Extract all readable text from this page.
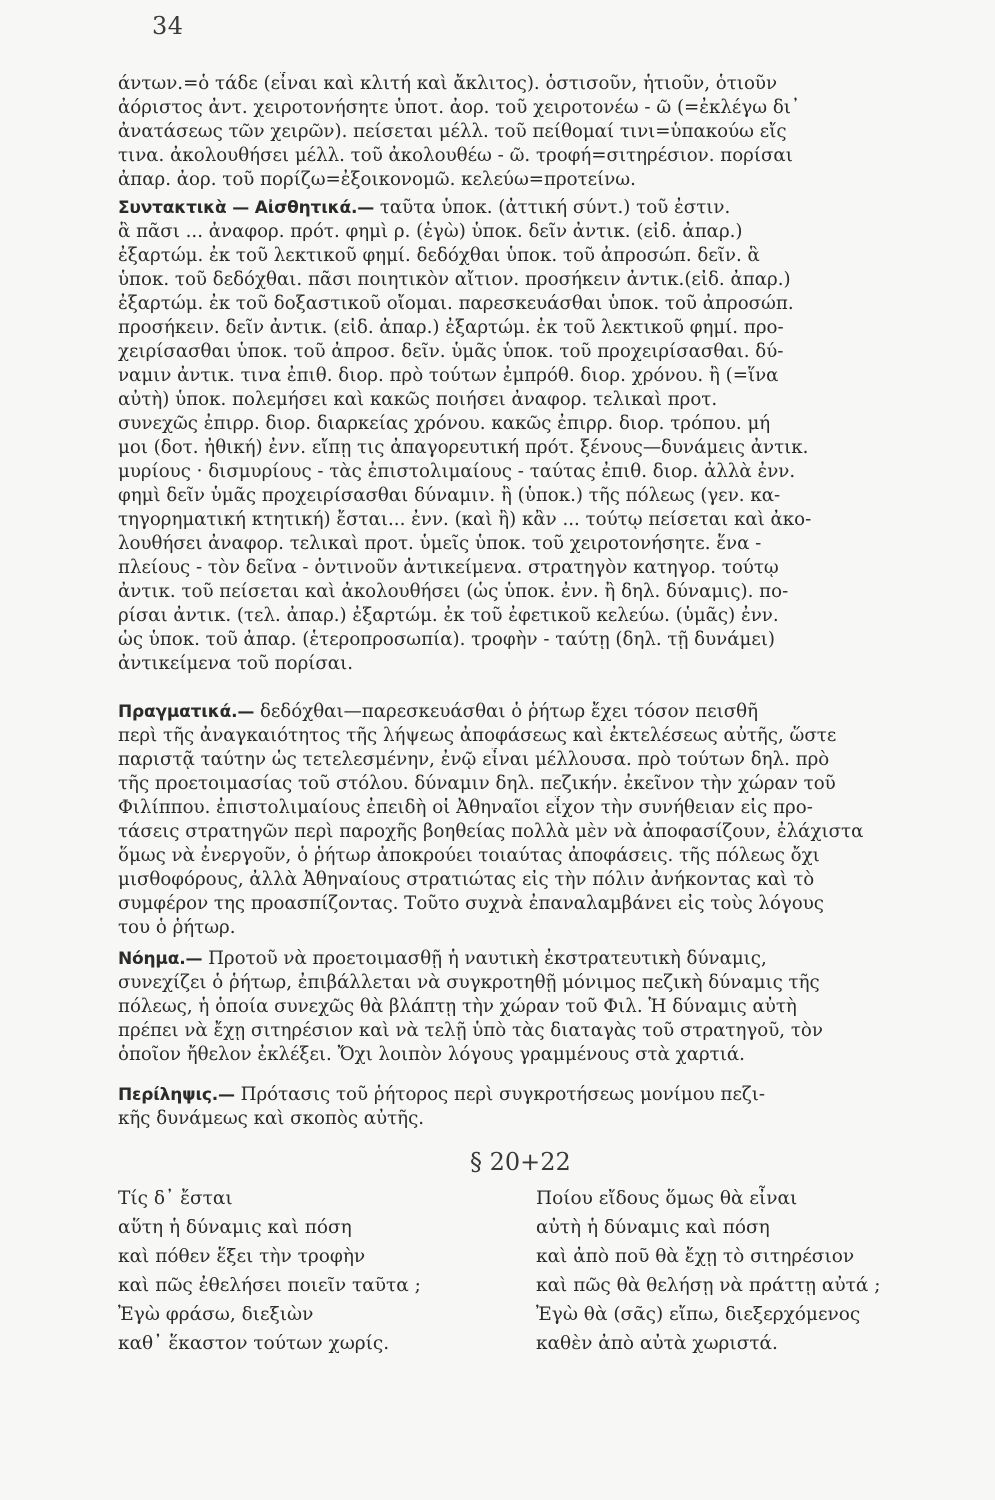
34
άντων.=ὁ τάδε (εἶναι καὶ κλιτή καὶ ἄκλιτος). ὁστισοῦν, ἡτιοῦν, ὁτιοῦν
ἀόριστος ἀντ. χειροτονήσητε ὑποτ. ἀορ. τοῦ χειροτονέω - ῶ (=ἐκλέγω δι᾽
ἀνατάσεως τῶν χειρῶν). πείσεται μέλλ. τοῦ πείθομαί τινι=ὑπακούω εἴς
τινα. ἀκολουθήσει μέλλ. τοῦ ἀκολουθέω - ῶ. τροφή=σιτηρέσιον. πορίσαι
ἀπαρ. ἀορ. τοῦ πορίζω=ἐξοικονομῶ. κελεύω=προτείνω.
Συντακτικὰ — Αἰσθητικά.— ταῦτα ὑποκ. (ἀττική σύντ.) τοῦ ἐστιν.
ἃ πᾶσι ... ἀναφορ. πρότ. φημὶ ρ. (ἐγὼ) ὑποκ. δεῖν ἀντικ. (εἰδ. ἀπαρ.)
ἐξαρτώμ. ἐκ τοῦ λεκτικοῦ φημί. δεδόχθαι ὑποκ. τοῦ ἀπροσώπ. δεῖν. ἃ
ὑποκ. τοῦ δεδόχθαι. πᾶσι ποιητικὸν αἴτιον. προσήκειν ἀντικ.(εἰδ. ἀπαρ.)
ἐξαρτώμ. ἐκ τοῦ δοξαστικοῦ οἴομαι. παρεσκευάσθαι ὑποκ. τοῦ ἀπροσώπ.
προσήκειν. δεῖν ἀντικ. (εἰδ. ἀπαρ.) ἐξαρτώμ. ἐκ τοῦ λεκτικοῦ φημί. προ-
χειρίσασθαι ὑποκ. τοῦ ἀπροσ. δεῖν. ὑμᾶς ὑποκ. τοῦ προχειρίσασθαι. δύ-
ναμιν ἀντικ. τινα ἐπιθ. διορ. πρὸ τούτων ἐμπρόθ. διορ. χρόνου. ἢ (=ἵνα
αὐτὴ) ὑποκ. πολεμήσει καὶ κακῶς ποιήσει ἀναφορ. τελικαὶ προτ.
συνεχῶς ἐπιρρ. διορ. διαρκείας χρόνου. κακῶς ἐπιρρ. διορ. τρόπου. μή
μοι (δοτ. ἠθική) ἐνν. εἴπῃ τις ἀπαγορευτική πρότ. ξένους—δυνάμεις ἀντικ.
μυρίους · δισμυρίους - τὰς ἐπιστολιμαίους - ταύτας ἐπιθ. διορ. ἀλλὰ ἐνν.
φημὶ δεῖν ὑμᾶς προχειρίσασθαι δύναμιν. ἢ (ὑποκ.) τῆς πόλεως (γεν. κα-
τηγορηματική κτητική) ἔσται... ἐνν. (καὶ ἢ) κἂν ... τούτῳ πείσεται καὶ ἀκο-
λουθήσει ἀναφορ. τελικαὶ προτ. ὑμεῖς ὑποκ. τοῦ χειροτονήσητε. ἕνα -
πλείους - τὸν δεῖνα - ὁντινοῦν ἀντικείμενα. στρατηγὸν κατηγορ. τούτῳ
ἀντικ. τοῦ πείσεται καὶ ἀκολουθήσει (ὡς ὑποκ. ἐνν. ἢ δηλ. δύναμις). πο-
ρίσαι ἀντικ. (τελ. ἀπαρ.) ἐξαρτώμ. ἐκ τοῦ ἐφετικοῦ κελεύω. (ὑμᾶς) ἐνν.
ὡς ὑποκ. τοῦ ἀπαρ. (ἑτεροπροσωπία). τροφὴν - ταύτῃ (δηλ. τῇ δυνάμει)
ἀντικείμενα τοῦ πορίσαι.
Πραγματικά.— δεδόχθαι—παρεσκευάσθαι ὁ ῥήτωρ ἔχει τόσον πεισθῆ
περὶ τῆς ἀναγκαιότητος τῆς λήψεως ἀποφάσεως καὶ ἐκτελέσεως αὐτῆς, ὥστε
παριστᾷ ταύτην ὡς τετελεσμένην, ἐνῷ εἶναι μέλλουσα. πρὸ τούτων δηλ. πρὸ
τῆς προετοιμασίας τοῦ στόλου. δύναμιν δηλ. πεζικήν. ἐκεῖνον τὴν χώραν τοῦ
Φιλίππου. ἐπιστολιμαίους ἐπειδὴ οἱ Ἀθηναῖοι εἶχον τὴν συνήθειαν εἰς προ-
τάσεις στρατηγῶν περὶ παροχῆς βοηθείας πολλὰ μὲν νὰ ἀποφασίζουν, ἐλάχιστα
ὅμως νὰ ἐνεργοῦν, ὁ ῥήτωρ ἀποκρούει τοιαύτας ἀποφάσεις. τῆς πόλεως ὄχι
μισθοφόρους, ἀλλὰ Ἀθηναίους στρατιώτας εἰς τὴν πόλιν ἀνήκοντας καὶ τὸ
συμφέρον της προασπίζοντας. Τοῦτο συχνὰ ἐπαναλαμβάνει εἰς τοὺς λόγους
του ὁ ῥήτωρ.
Νόημα.— Προτοῦ νὰ προετοιμασθῇ ἡ ναυτικὴ ἐκστρατευτικὴ δύναμις,
συνεχίζει ὁ ῥήτωρ, ἐπιβάλλεται νὰ συγκροτηθῇ μόνιμος πεζικὴ δύναμις τῆς
πόλεως, ἡ ὁποία συνεχῶς θὰ βλάπτῃ τὴν χώραν τοῦ Φιλ. Ἡ δύναμις αὐτὴ
πρέπει νὰ ἔχῃ σιτηρέσιον καὶ νὰ τελῇ ὑπὸ τὰς διαταγὰς τοῦ στρατηγοῦ, τὸν
ὁποῖον ἤθελον ἐκλέξει. Ὄχι λοιπὸν λόγους γραμμένους στὰ χαρτιά.
Περίληψις.— Πρότασις τοῦ ῥήτορος περὶ συγκροτήσεως μονίμου πεζι-
κῆς δυνάμεως καὶ σκοπὸς αὐτῆς.
§ 20+22
Τίς δ᾽ ἔσται
αὕτη ἡ δύναμις καὶ πόση
καὶ πόθεν ἕξει τὴν τροφὴν
καὶ πῶς ἐθελήσει ποιεῖν ταῦτα ;
Ἐγὼ φράσω, διεξιὼν
καθ᾽ ἕκαστον τούτων χωρίς.
Ποίου εἴδους ὅμως θὰ εἶναι
αὐτὴ ἡ δύναμις καὶ πόση
καὶ ἀπὸ ποῦ θὰ ἔχῃ τὸ σιτηρέσιον
καὶ πῶς θὰ θελήσῃ νὰ πράττῃ αὐτά ;
Ἐγὼ θὰ (σᾶς) εἴπω, διεξερχόμενος
καθὲν ἀπὸ αὐτὰ χωριστά.
